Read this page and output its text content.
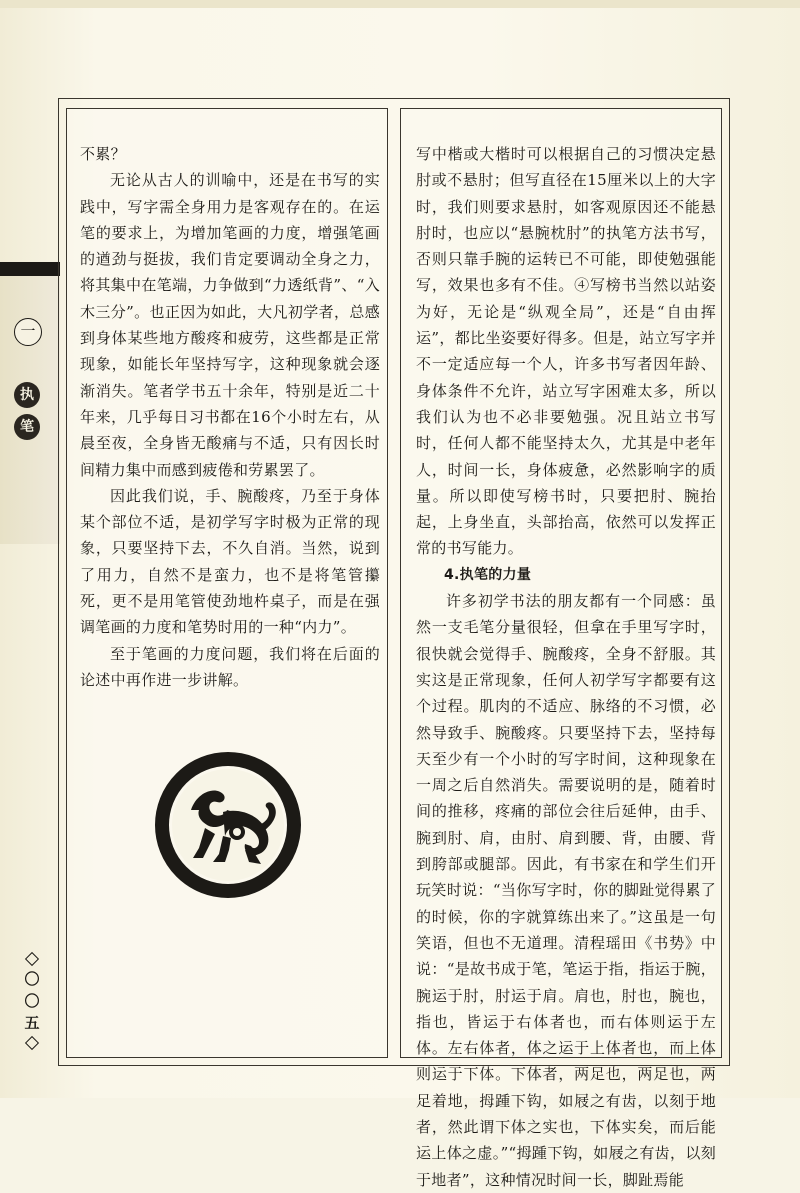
一
执
笔

不累？

无论从古人的训喻中，还是在书写的实践中，写字需全身用力是客观存在的。在运笔的要求上，为增加笔画的力度，增强笔画的遒劲与挺拔，我们肯定要调动全身之力，将其集中在笔端，力争做到“力透纸背”、“入木三分”。也正因为如此，大凡初学者，总感到身体某些地方酸疼和疲劳，这些都是正常现象，如能长年坚持写字，这种现象就会逐渐消失。笔者学书五十余年，特别是近二十年来，几乎每日习书都在16个小时左右，从晨至夜，全身皆无酸痛与不适，只有因长时间精力集中而感到疲倦和劳累罢了。

因此我们说，手、腕酸疼，乃至于身体某个部位不适，是初学写字时极为正常的现象，只要坚持下去，不久自消。当然，说到了用力，自然不是蛮力，也不是将笔管攥死，更不是用笔管使劲地杵桌子，而是在强调笔画的力度和笔势时用的一种“内力”。

至于笔画的力度问题，我们将在后面的论述中再作进一步讲解。

写中楷或大楷时可以根据自己的习惯决定悬肘或不悬肘；但写直径在15厘米以上的大字时，我们则要求悬肘，如客观原因还不能悬肘时，也应以“悬腕枕肘”的执笔方法书写，否则只靠手腕的运转已不可能，即使勉强能写，效果也多有不佳。④写榜书当然以站姿为好，无论是“纵观全局”，还是“自由挥运”，都比坐姿要好得多。但是，站立写字并不一定适应每一个人，许多书写者因年龄、身体条件不允许，站立写字困难太多，所以我们认为也不必非要勉强。况且站立书写时，任何人都不能坚持太久，尤其是中老年人，时间一长，身体疲惫，必然影响字的质量。所以即使写榜书时，只要把肘、腕抬起，上身坐直，头部抬高，依然可以发挥正常的书写能力。

4.执笔的力量

许多初学书法的朋友都有一个同感：虽然一支毛笔分量很轻，但拿在手里写字时，很快就会觉得手、腕酸疼，全身不舒服。其实这是正常现象，任何人初学写字都要有这个过程。肌肉的不适应、脉络的不习惯，必然导致手、腕酸疼。只要坚持下去，坚持每天至少有一个小时的写字时间，这种现象在一周之后自然消失。需要说明的是，随着时间的推移，疼痛的部位会往后延伸，由手、腕到肘、肩，由肘、肩到腰、背，由腰、背到胯部或腿部。因此，有书家在和学生们开玩笑时说：“当你写字时，你的脚趾觉得累了的时候，你的字就算练出来了。”这虽是一句笑语，但也不无道理。清程瑶田《书势》中说：“是故书成于笔，笔运于指，指运于腕，腕运于肘，肘运于肩。肩也，肘也，腕也，指也，皆运于右体者也，而右体则运于左体。左右体者，体之运于上体者也，而上体则运于下体。下体者，两足也，两足也，两足着地，拇踵下钩，如屐之有齿，以刻于地者，然此谓下体之实也，下体实矣，而后能运上体之虚。”“拇踵下钩，如屐之有齿，以刻于地者”，这种情况时间一长，脚趾焉能

〇
〇
五
